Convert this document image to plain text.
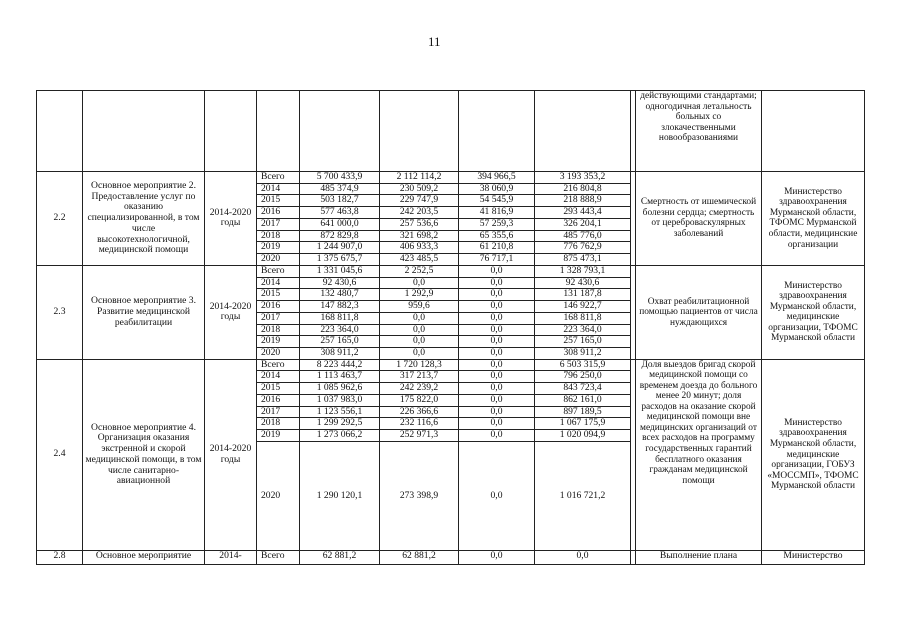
11
									действующими стандартами; одногодичная летальность больных со злокачественными новообразованиями	
2.2	Основное мероприятие 2. Предоставление услуг по оказанию специализированной, в том числе высокотехнологичной, медицинской помощи	2014-2020 годы	Всего	5 700 433,9	2 112 114,2	394 966,5	3 193 353,2		Смертность от ишемической болезни сердца; смертность от цереброваскулярных заболеваний	Министерство здравоохранения Мурманской области, ТФОМС Мурманской области, медицинские организации
			2014	485 374,9	230 509,2	38 060,9	216 804,8			
			2015	503 182,7	229 747,9	54 545,9	218 888,9			
			2016	577 463,8	242 203,5	41 816,9	293 443,4			
			2017	641 000,0	257 536,6	57 259,3	326 204,1			
			2018	872 829,8	321 698,2	65 355,6	485 776,0			
			2019	1 244 907,0	406 933,3	61 210,8	776 762,9			
			2020	1 375 675,7	423 485,5	76 717,1	875 473,1			
2.3	Основное мероприятие 3. Развитие медицинской реабилитации	2014-2020 годы	Всего	1 331 045,6	2 252,5	0,0	1 328 793,1		Охват реабилитационной помощью пациентов от числа нуждающихся	Министерство здравоохранения Мурманской области, медицинские организации, ТФОМС Мурманской области
			2014	92 430,6	0,0	0,0	92 430,6			
			2015	132 480,7	1 292,9	0,0	131 187,8			
			2016	147 882,3	959,6	0,0	146 922,7			
			2017	168 811,8	0,0	0,0	168 811,8			
			2018	223 364,0	0,0	0,0	223 364,0			
			2019	257 165,0	0,0	0,0	257 165,0			
			2020	308 911,2	0,0	0,0	308 911,2			
2.4	Основное мероприятие 4. Организация оказания экстренной и скорой медицинской помощи, в том числе санитарно-авиационной	2014-2020 годы	Всего	8 223 444,2	1 720 128,3	0,0	6 503 315,9		Доля выездов бригад скорой медицинской помощи со временем доезда до больного менее 20 минут; доля расходов на оказание скорой медицинской помощи вне медицинских организаций от всех расходов на программу государственных гарантий бесплатного оказания гражданам медицинской помощи	Министерство здравоохранения Мурманской области, медицинские организации, ГОБУЗ «МОССМП», ТФОМС Мурманской области
			2014	1 113 463,7	317 213,7	0,0	796 250,0			
			2015	1 085 962,6	242 239,2	0,0	843 723,4			
			2016	1 037 983,0	175 822,0	0,0	862 161,0			
			2017	1 123 556,1	226 366,6	0,0	897 189,5			
			2018	1 299 292,5	232 116,6	0,0	1 067 175,9			
			2019	1 273 066,2	252 971,3	0,0	1 020 094,9			
			2020	1 290 120,1	273 398,9	0,0	1 016 721,2			
2.8	Основное мероприятие	2014-	Всего	62 881,2	62 881,2	0,0	0,0		Выполнение плана	Министерство
